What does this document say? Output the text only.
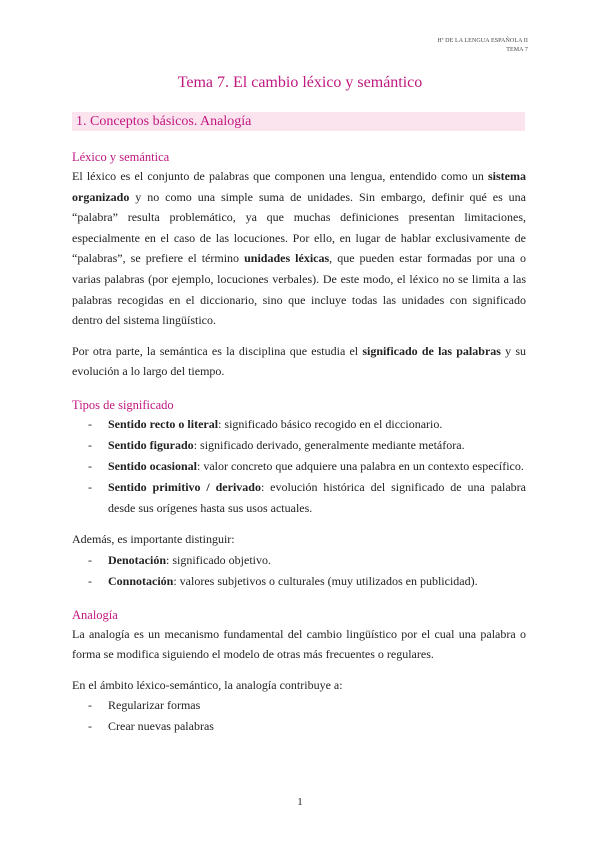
Hª DE LA LENGUA ESPAÑOLA II
TEMA 7
Tema 7. El cambio léxico y semántico
1. Conceptos básicos. Analogía
Léxico y semántica

El léxico es el conjunto de palabras que componen una lengua, entendido como un sistema organizado y no como una simple suma de unidades. Sin embargo, definir qué es una “palabra” resulta problemático, ya que muchas definiciones presentan limitaciones, especialmente en el caso de las locuciones. Por ello, en lugar de hablar exclusivamente de “palabras”, se prefiere el término unidades léxicas, que pueden estar formadas por una o varias palabras (por ejemplo, locuciones verbales). De este modo, el léxico no se limita a las palabras recogidas en el diccionario, sino que incluye todas las unidades con significado dentro del sistema lingüístico.

Por otra parte, la semántica es la disciplina que estudia el significado de las palabras y su evolución a lo largo del tiempo.

Tipos de significado
- Sentido recto o literal: significado básico recogido en el diccionario.
- Sentido figurado: significado derivado, generalmente mediante metáfora.
- Sentido ocasional: valor concreto que adquiere una palabra en un contexto específico.
- Sentido primitivo / derivado: evolución histórica del significado de una palabra desde sus orígenes hasta sus usos actuales.

Además, es importante distinguir:

- Denotación: significado objetivo.
- Connotación: valores subjetivos o culturales (muy utilizados en publicidad).
Analogía

La analogía es un mecanismo fundamental del cambio lingüístico por el cual una palabra o forma se modifica siguiendo el modelo de otras más frecuentes o regulares.

En el ámbito léxico-semántico, la analogía contribuye a:

- Regularizar formas
- Crear nuevas palabras
1
